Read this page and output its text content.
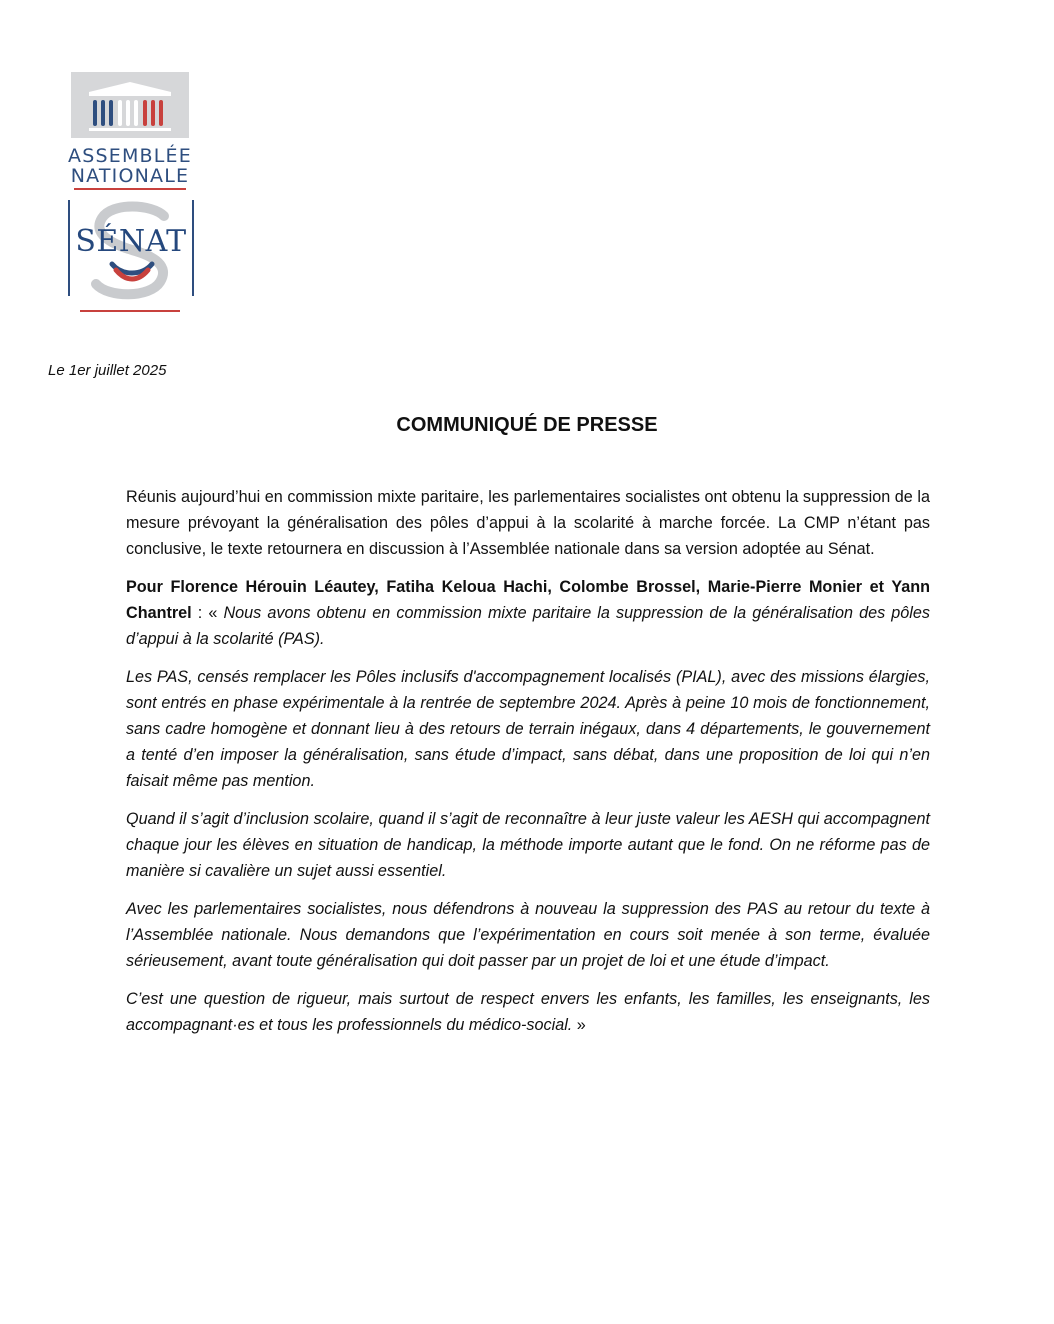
ASSEMBLÉE
NATIONALE
SÉNAT
Le 1er juillet 2025
COMMUNIQUÉ DE PRESSE

Réunis aujourd’hui en commission mixte paritaire, les parlementaires socialistes ont obtenu la suppression de la mesure prévoyant la généralisation des pôles d’appui à la scolarité à marche forcée. La CMP n’étant pas conclusive, le texte retournera en discussion à l’Assemblée nationale dans sa version adoptée au Sénat.

Pour Florence Hérouin Léautey, Fatiha Keloua Hachi, Colombe Brossel, Marie-Pierre Monier et Yann Chantrel : « Nous avons obtenu en commission mixte paritaire la suppression de la généralisation des pôles d’appui à la scolarité (PAS).

Les PAS, censés remplacer les Pôles inclusifs d'accompagnement localisés (PIAL), avec des missions élargies, sont entrés en phase expérimentale à la rentrée de septembre 2024. Après à peine 10 mois de fonctionnement, sans cadre homogène et donnant lieu à des retours de terrain inégaux, dans 4 départements, le gouvernement a tenté d’en imposer la généralisation, sans étude d’impact, sans débat, dans une proposition de loi qui n’en faisait même pas mention.

Quand il s’agit d’inclusion scolaire, quand il s’agit de reconnaître à leur juste valeur les AESH qui accompagnent chaque jour les élèves en situation de handicap, la méthode importe autant que le fond. On ne réforme pas de manière si cavalière un sujet aussi essentiel.

Avec les parlementaires socialistes, nous défendrons à nouveau la suppression des PAS au retour du texte à l’Assemblée nationale. Nous demandons que l’expérimentation en cours soit menée à son terme, évaluée sérieusement, avant toute généralisation qui doit passer par un projet de loi et une étude d’impact.

C’est une question de rigueur, mais surtout de respect envers les enfants, les familles, les enseignants, les accompagnant·es et tous les professionnels du médico-social. »
